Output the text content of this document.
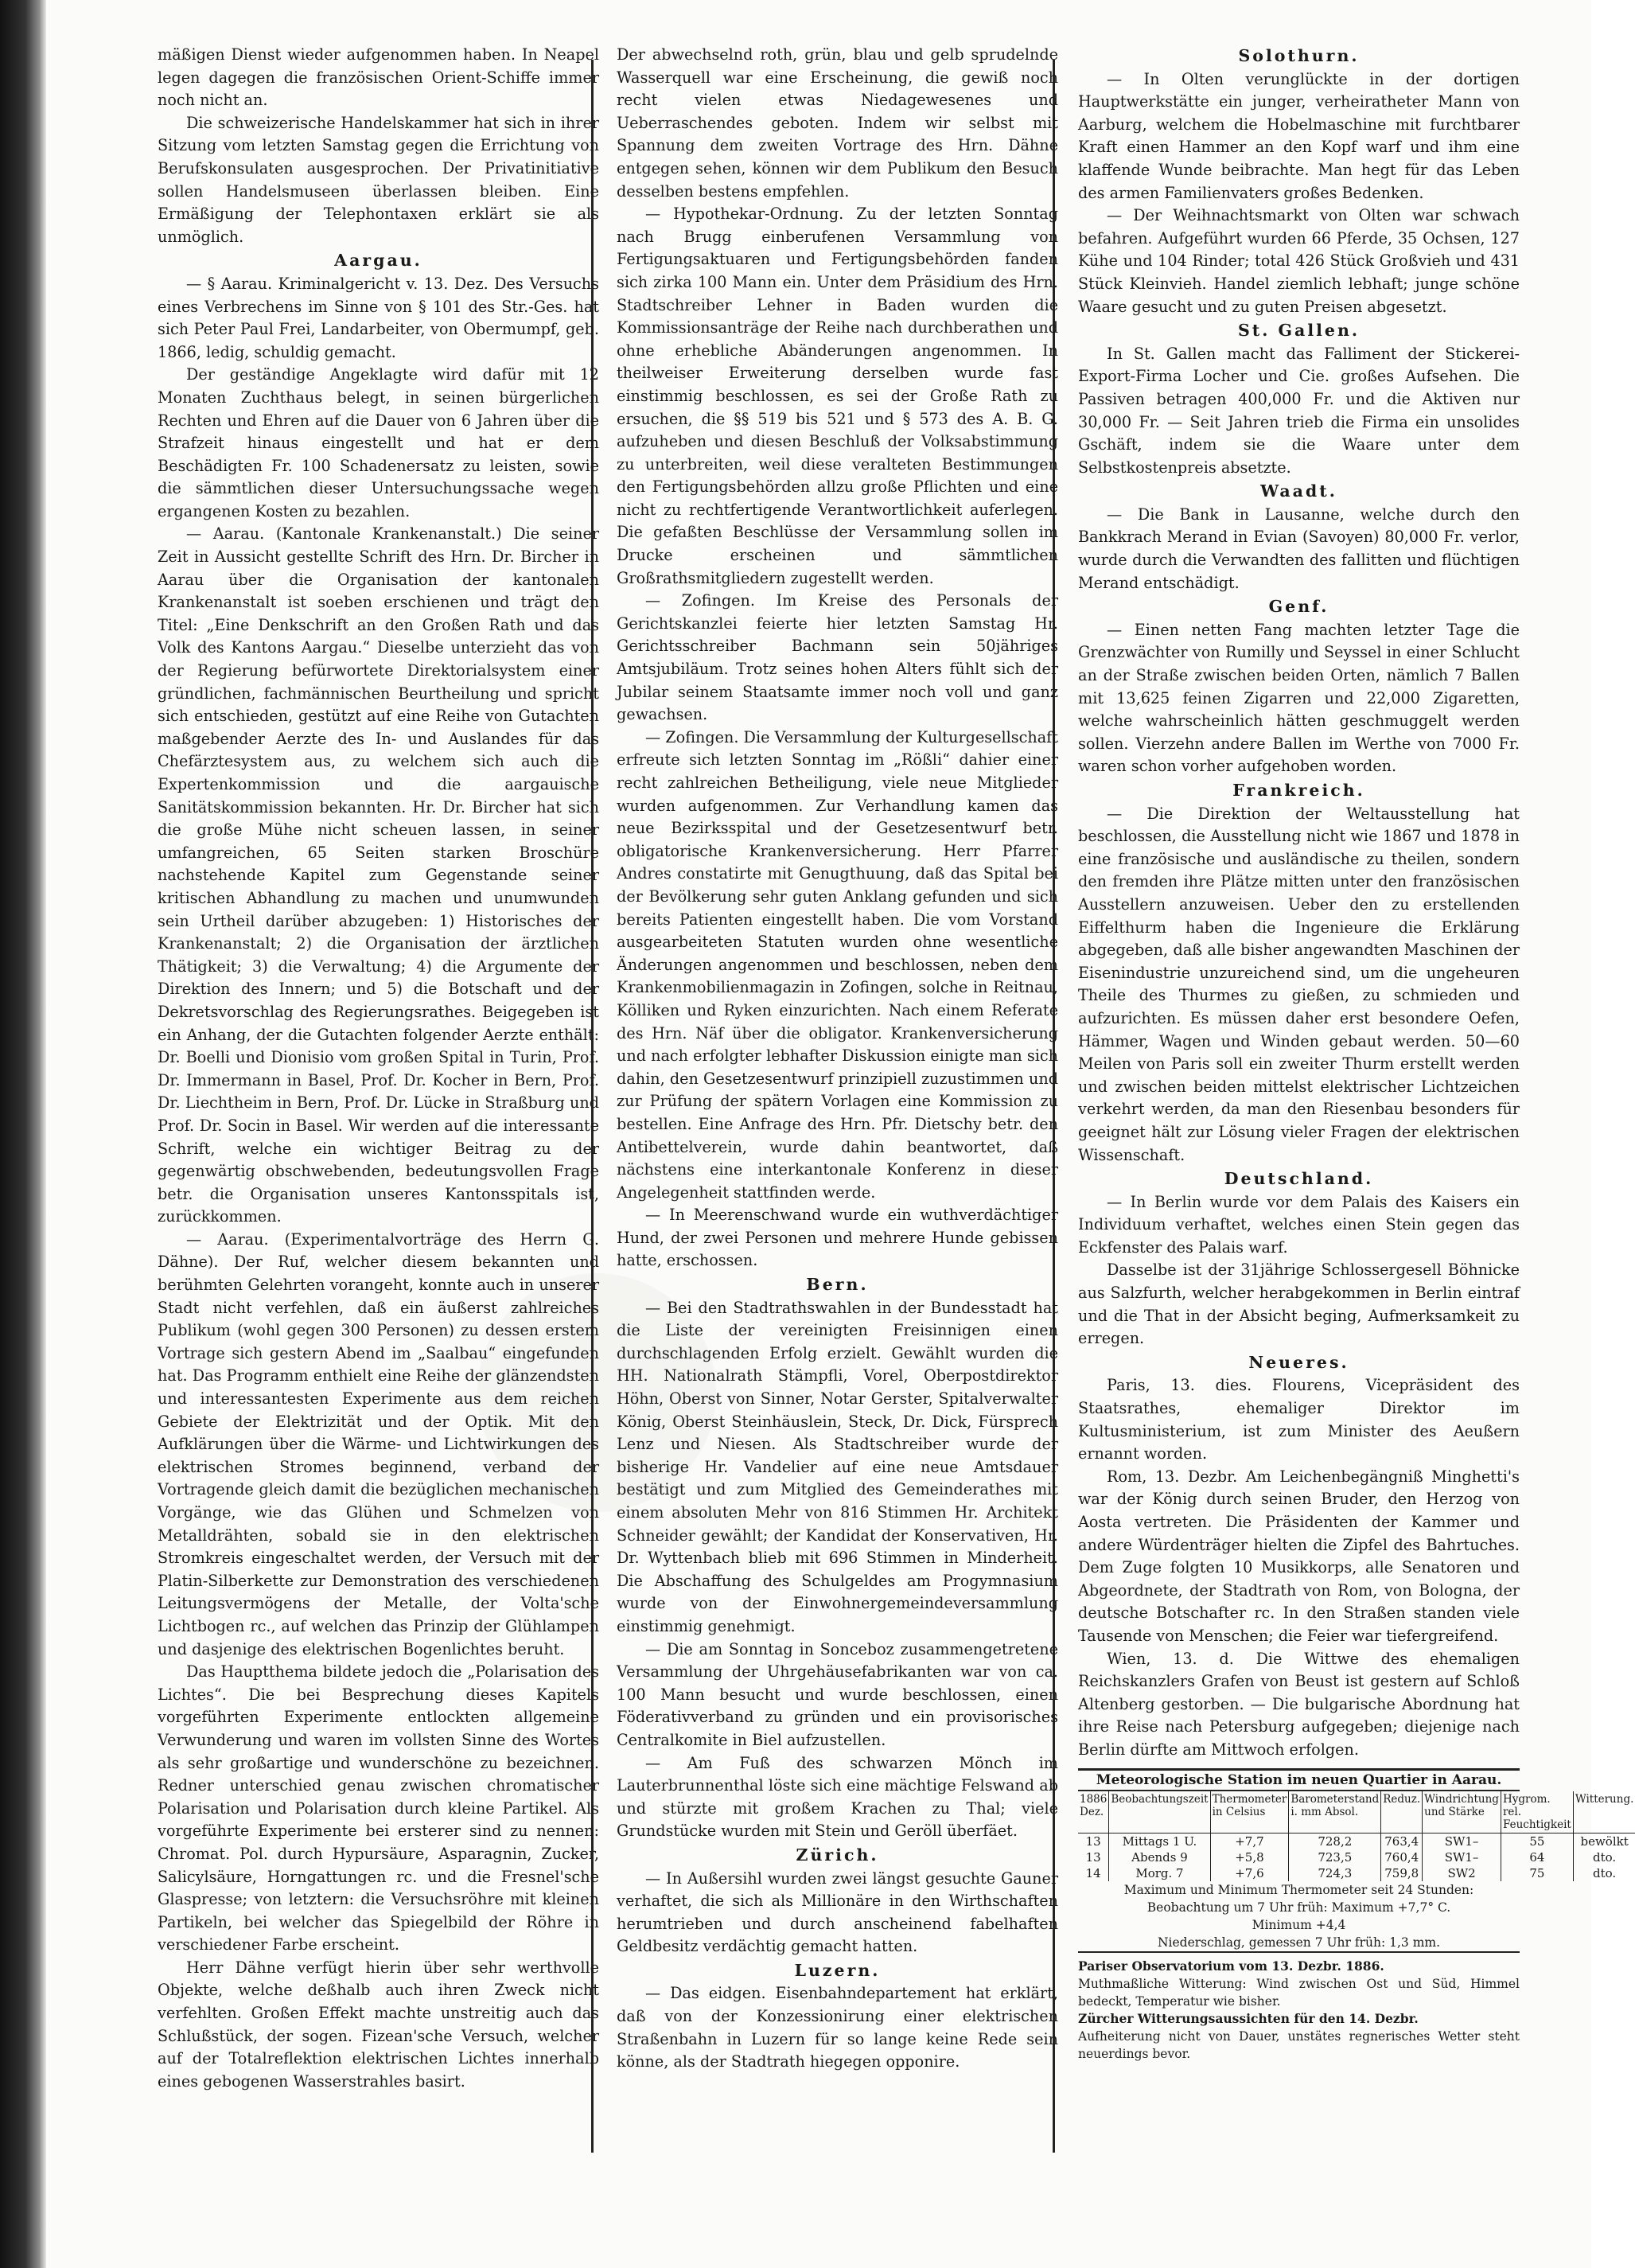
mäßigen Dienst wieder aufgenommen haben. In Neapel legen dagegen die französischen Orient-Schiffe immer noch nicht an.

Die schweizerische Handelskammer hat sich in ihrer Sitzung vom letzten Samstag gegen die Errichtung von Berufskonsulaten ausgesprochen. Der Privatinitiative sollen Handelsmuseen überlassen bleiben. Eine Ermäßigung der Telephontaxen erklärt sie als unmöglich.

Aargau.

— § Aarau. Kriminalgericht v. 13. Dez. Des Versuchs eines Verbrechens im Sinne von § 101 des Str.-Ges. hat sich Peter Paul Frei, Landarbeiter, von Obermumpf, geb. 1866, ledig, schuldig gemacht.

Der geständige Angeklagte wird dafür mit 12 Monaten Zuchthaus belegt, in seinen bürgerlichen Rechten und Ehren auf die Dauer von 6 Jahren über die Strafzeit hinaus eingestellt und hat er dem Beschädigten Fr. 100 Schadenersatz zu leisten, sowie die sämmtlichen dieser Untersuchungssache wegen ergangenen Kosten zu bezahlen.

— Aarau. (Kantonale Krankenanstalt.) Die seiner Zeit in Aussicht gestellte Schrift des Hrn. Dr. Bircher in Aarau über die Organisation der kantonalen Krankenanstalt ist soeben erschienen und trägt den Titel: „Eine Denkschrift an den Großen Rath und das Volk des Kantons Aargau.“ Dieselbe unterzieht das von der Regierung befürwortete Direktorialsystem einer gründlichen, fachmännischen Beurtheilung und spricht sich entschieden, gestützt auf eine Reihe von Gutachten maßgebender Aerzte des In- und Auslandes für das Chefärztesystem aus, zu welchem sich auch die Expertenkommission und die aargauische Sanitätskommission bekannten. Hr. Dr. Bircher hat sich die große Mühe nicht scheuen lassen, in seiner umfangreichen, 65 Seiten starken Broschüre nachstehende Kapitel zum Gegenstande seiner kritischen Abhandlung zu machen und unumwunden sein Urtheil darüber abzugeben: 1) Historisches der Krankenanstalt; 2) die Organisation der ärztlichen Thätigkeit; 3) die Verwaltung; 4) die Argumente der Direktion des Innern; und 5) die Botschaft und der Dekretsvorschlag des Regierungsrathes. Beigegeben ist ein Anhang, der die Gutachten folgender Aerzte enthält: Dr. Boelli und Dionisio vom großen Spital in Turin, Prof. Dr. Immermann in Basel, Prof. Dr. Kocher in Bern, Prof. Dr. Liechtheim in Bern, Prof. Dr. Lücke in Straßburg und Prof. Dr. Socin in Basel. Wir werden auf die interessante Schrift, welche ein wichtiger Beitrag zu der gegenwärtig obschwebenden, bedeutungsvollen Frage betr. die Organisation unseres Kantonsspitals ist, zurückkommen.

— Aarau. (Experimentalvorträge des Herrn G. Dähne). Der Ruf, welcher diesem bekannten und berühmten Gelehrten vorangeht, konnte auch in unserer Stadt nicht verfehlen, daß ein äußerst zahlreiches Publikum (wohl gegen 300 Personen) zu dessen erstem Vortrage sich gestern Abend im „Saalbau“ eingefunden hat. Das Programm enthielt eine Reihe der glänzendsten und interessantesten Experimente aus dem reichen Gebiete der Elektrizität und der Optik. Mit den Aufklärungen über die Wärme- und Lichtwirkungen des elektrischen Stromes beginnend, verband der Vortragende gleich damit die bezüglichen mechanischen Vorgänge, wie das Glühen und Schmelzen von Metalldrähten, sobald sie in den elektrischen Stromkreis eingeschaltet werden, der Versuch mit der Platin-Silberkette zur Demonstration des verschiedenen Leitungsvermögens der Metalle, der Volta'sche Lichtbogen rc., auf welchen das Prinzip der Glühlampen und dasjenige des elektrischen Bogenlichtes beruht.

Das Hauptthema bildete jedoch die „Polarisation des Lichtes“. Die bei Besprechung dieses Kapitels vorgeführten Experimente entlockten allgemeine Verwunderung und waren im vollsten Sinne des Wortes als sehr großartige und wunderschöne zu bezeichnen. Redner unterschied genau zwischen chromatischer Polarisation und Polarisation durch kleine Partikel. Als vorgeführte Experimente bei ersterer sind zu nennen: Chromat. Pol. durch Hypursäure, Asparagnin, Zucker, Salicylsäure, Horngattungen rc. und die Fresnel'sche Glaspresse; von letztern: die Versuchsröhre mit kleinen Partikeln, bei welcher das Spiegelbild der Röhre in verschiedener Farbe erscheint.

Herr Dähne verfügt hierin über sehr werthvolle Objekte, welche deßhalb auch ihren Zweck nicht verfehlten. Großen Effekt machte unstreitig auch das Schlußstück, der sogen. Fizean'sche Versuch, welcher auf der Totalreflektion elektrischen Lichtes innerhalb eines gebogenen Wasserstrahles basirt.

Der abwechselnd roth, grün, blau und gelb sprudelnde Wasserquell war eine Erscheinung, die gewiß noch recht vielen etwas Niedagewesenes und Ueberraschendes geboten. Indem wir selbst mit Spannung dem zweiten Vortrage des Hrn. Dähne entgegen sehen, können wir dem Publikum den Besuch desselben bestens empfehlen.

— Hypothekar-Ordnung. Zu der letzten Sonntag nach Brugg einberufenen Versammlung von Fertigungsaktuaren und Fertigungsbehörden fanden sich zirka 100 Mann ein. Unter dem Präsidium des Hrn. Stadtschreiber Lehner in Baden wurden die Kommissionsanträge der Reihe nach durchberathen und ohne erhebliche Abänderungen angenommen. In theilweiser Erweiterung derselben wurde fast einstimmig beschlossen, es sei der Große Rath zu ersuchen, die §§ 519 bis 521 und § 573 des A. B. G. aufzuheben und diesen Beschluß der Volksabstimmung zu unterbreiten, weil diese veralteten Bestimmungen den Fertigungsbehörden allzu große Pflichten und eine nicht zu rechtfertigende Verantwortlichkeit auferlegen. Die gefaßten Beschlüsse der Versammlung sollen im Drucke erscheinen und sämmtlichen Großrathsmitgliedern zugestellt werden.

— Zofingen. Im Kreise des Personals der Gerichtskanzlei feierte hier letzten Samstag Hr. Gerichtsschreiber Bachmann sein 50jähriges Amtsjubiläum. Trotz seines hohen Alters fühlt sich der Jubilar seinem Staatsamte immer noch voll und ganz gewachsen.

— Zofingen. Die Versammlung der Kulturgesellschaft erfreute sich letzten Sonntag im „Rößli“ dahier einer recht zahlreichen Betheiligung, viele neue Mitglieder wurden aufgenommen. Zur Verhandlung kamen das neue Bezirksspital und der Gesetzesentwurf betr. obligatorische Krankenversicherung. Herr Pfarrer Andres constatirte mit Genugthuung, daß das Spital bei der Bevölkerung sehr guten Anklang gefunden und sich bereits Patienten eingestellt haben. Die vom Vorstand ausgearbeiteten Statuten wurden ohne wesentliche Änderungen angenommen und beschlossen, neben dem Krankenmobilienmagazin in Zofingen, solche in Reitnau, Kölliken und Ryken einzurichten. Nach einem Referate des Hrn. Näf über die obligator. Krankenversicherung und nach erfolgter lebhafter Diskussion einigte man sich dahin, den Gesetzesentwurf prinzipiell zuzustimmen und zur Prüfung der spätern Vorlagen eine Kommission zu bestellen. Eine Anfrage des Hrn. Pfr. Dietschy betr. den Antibettelverein, wurde dahin beantwortet, daß nächstens eine interkantonale Konferenz in dieser Angelegenheit stattfinden werde.

— In Meerenschwand wurde ein wuthverdächtiger Hund, der zwei Personen und mehrere Hunde gebissen hatte, erschossen.

Bern.

— Bei den Stadtrathswahlen in der Bundesstadt hat die Liste der vereinigten Freisinnigen einen durchschlagenden Erfolg erzielt. Gewählt wurden die HH. Nationalrath Stämpfli, Vorel, Oberpostdirektor Höhn, Oberst von Sinner, Notar Gerster, Spitalverwalter König, Oberst Steinhäuslein, Steck, Dr. Dick, Fürsprech Lenz und Niesen. Als Stadtschreiber wurde der bisherige Hr. Vandelier auf eine neue Amtsdauer bestätigt und zum Mitglied des Gemeinderathes mit einem absoluten Mehr von 816 Stimmen Hr. Architekt Schneider gewählt; der Kandidat der Konservativen, Hr. Dr. Wyttenbach blieb mit 696 Stimmen in Minderheit. Die Abschaffung des Schulgeldes am Progymnasium wurde von der Einwohnergemeindeversammlung einstimmig genehmigt.

— Die am Sonntag in Sonceboz zusammengetretene Versammlung der Uhrgehäusefabrikanten war von ca. 100 Mann besucht und wurde beschlossen, einen Föderativverband zu gründen und ein provisorisches Centralkomite in Biel aufzustellen.

— Am Fuß des schwarzen Mönch im Lauterbrunnenthal löste sich eine mächtige Felswand ab und stürzte mit großem Krachen zu Thal; viele Grundstücke wurden mit Stein und Geröll überfäet.

Zürich.

— In Außersihl wurden zwei längst gesuchte Gauner verhaftet, die sich als Millionäre in den Wirthschaften herumtrieben und durch anscheinend fabelhaften Geldbesitz verdächtig gemacht hatten.

Luzern.

— Das eidgen. Eisenbahndepartement hat erklärt, daß von der Konzessionirung einer elektrischen Straßenbahn in Luzern für so lange keine Rede sein könne, als der Stadtrath hiegegen opponire.

Solothurn.

— In Olten verunglückte in der dortigen Hauptwerkstätte ein junger, verheiratheter Mann von Aarburg, welchem die Hobelmaschine mit furchtbarer Kraft einen Hammer an den Kopf warf und ihm eine klaffende Wunde beibrachte. Man hegt für das Leben des armen Familienvaters großes Bedenken.

— Der Weihnachtsmarkt von Olten war schwach befahren. Aufgeführt wurden 66 Pferde, 35 Ochsen, 127 Kühe und 104 Rinder; total 426 Stück Großvieh und 431 Stück Kleinvieh. Handel ziemlich lebhaft; junge schöne Waare gesucht und zu guten Preisen abgesetzt.

St. Gallen.

In St. Gallen macht das Falliment der Stickerei-Export-Firma Locher und Cie. großes Aufsehen. Die Passiven betragen 400,000 Fr. und die Aktiven nur 30,000 Fr. — Seit Jahren trieb die Firma ein unsolides Gschäft, indem sie die Waare unter dem Selbstkostenpreis absetzte.

Waadt.

— Die Bank in Lausanne, welche durch den Bankkrach Merand in Evian (Savoyen) 80,000 Fr. verlor, wurde durch die Verwandten des fallitten und flüchtigen Merand entschädigt.

Genf.

— Einen netten Fang machten letzter Tage die Grenzwächter von Rumilly und Seyssel in einer Schlucht an der Straße zwischen beiden Orten, nämlich 7 Ballen mit 13,625 feinen Zigarren und 22,000 Zigaretten, welche wahrscheinlich hätten geschmuggelt werden sollen. Vierzehn andere Ballen im Werthe von 7000 Fr. waren schon vorher aufgehoben worden.

Frankreich.

— Die Direktion der Weltausstellung hat beschlossen, die Ausstellung nicht wie 1867 und 1878 in eine französische und ausländische zu theilen, sondern den fremden ihre Plätze mitten unter den französischen Ausstellern anzuweisen. Ueber den zu erstellenden Eiffelthurm haben die Ingenieure die Erklärung abgegeben, daß alle bisher angewandten Maschinen der Eisenindustrie unzureichend sind, um die ungeheuren Theile des Thurmes zu gießen, zu schmieden und aufzurichten. Es müssen daher erst besondere Oefen, Hämmer, Wagen und Winden gebaut werden. 50—60 Meilen von Paris soll ein zweiter Thurm erstellt werden und zwischen beiden mittelst elektrischer Lichtzeichen verkehrt werden, da man den Riesenbau besonders für geeignet hält zur Lösung vieler Fragen der elektrischen Wissenschaft.

Deutschland.

— In Berlin wurde vor dem Palais des Kaisers ein Individuum verhaftet, welches einen Stein gegen das Eckfenster des Palais warf.

Dasselbe ist der 31jährige Schlossergesell Böhnicke aus Salzfurth, welcher herabgekommen in Berlin eintraf und die That in der Absicht beging, Aufmerksamkeit zu erregen.

Neueres.

Paris, 13. dies. Flourens, Vicepräsident des Staatsrathes, ehemaliger Direktor im Kultusministerium, ist zum Minister des Aeußern ernannt worden.

Rom, 13. Dezbr. Am Leichenbegängniß Minghetti's war der König durch seinen Bruder, den Herzog von Aosta vertreten. Die Präsidenten der Kammer und andere Würdenträger hielten die Zipfel des Bahrtuches. Dem Zuge folgten 10 Musikkorps, alle Senatoren und Abgeordnete, der Stadtrath von Rom, von Bologna, der deutsche Botschafter rc. In den Straßen standen viele Tausende von Menschen; die Feier war tiefergreifend.

Wien, 13. d. Die Wittwe des ehemaligen Reichskanzlers Grafen von Beust ist gestern auf Schloß Altenberg gestorben. — Die bulgarische Abordnung hat ihre Reise nach Petersburg aufgegeben; diejenige nach Berlin dürfte am Mittwoch erfolgen.

Meteorologische Station im neuen Quartier in Aarau.
1886 Dez.	Beobachtungszeit	Thermometer in Celsius	Barometerstand i. mm Absol.	Reduz.	Windrichtung und Stärke	Hygrom. rel. Feuchtigkeit	Witterung.
13	Mittags 1 U.	+7,7	728,2	763,4	SW1–	55	bewölkt
13	Abends 9	+5,8	723,5	760,4	SW1–	64	dto.
14	Morg. 7	+7,6	724,3	759,8	SW2	75	dto.
Maximum und Minimum Thermometer seit 24 Stunden:
Beobachtung um 7 Uhr früh: Maximum +7,7° C.
Minimum +4,4
Niederschlag, gemessen 7 Uhr früh: 1,3 mm.

Pariser Observatorium vom 13. Dezbr. 1886.

Muthmaßliche Witterung: Wind zwischen Ost und Süd, Himmel bedeckt, Temperatur wie bisher.

Zürcher Witterungsaussichten für den 14. Dezbr.

Aufheiterung nicht von Dauer, unstätes regnerisches Wetter steht neuerdings bevor.
